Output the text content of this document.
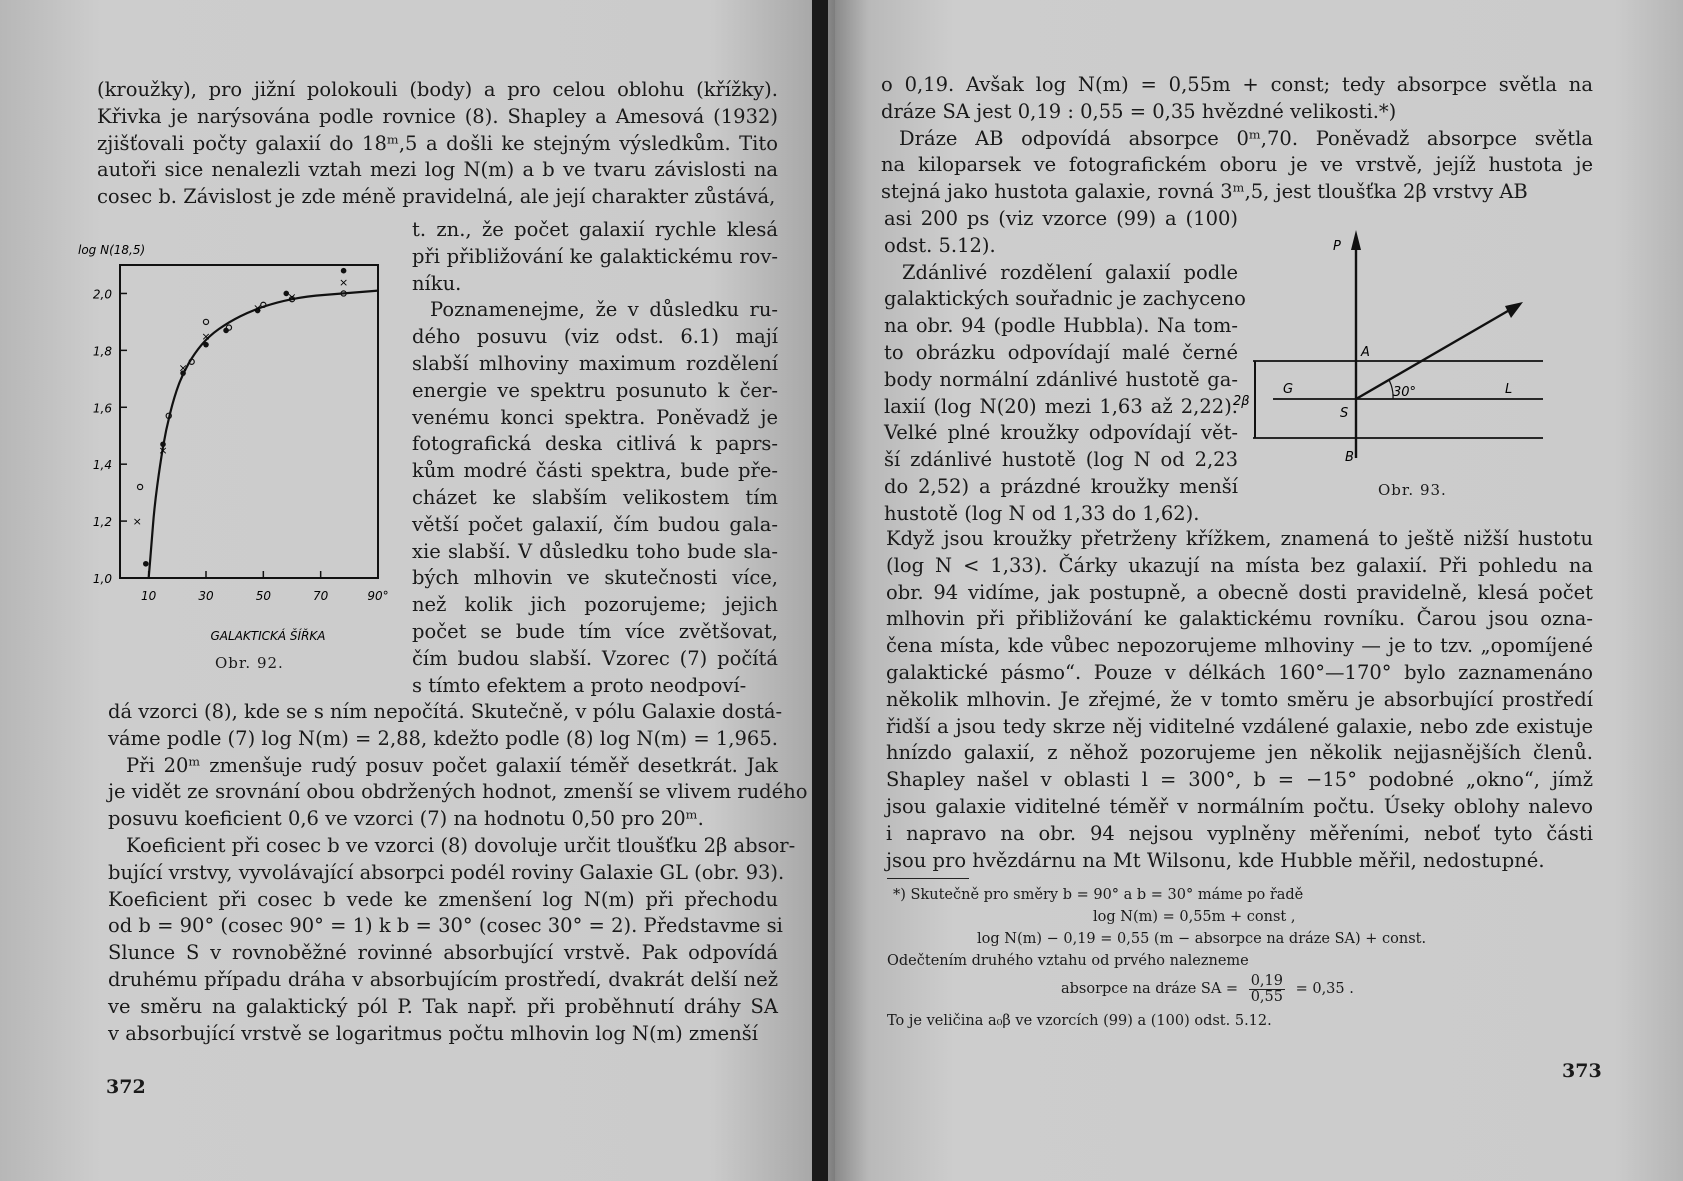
(kroužky), pro jižní polokouli (body) a pro celou oblohu (křížky).
Křivka je narýsována podle rovnice (8). Shapley a Amesová (1932)
zjišťovali počty galaxií do 18ᵐ,5 a došli ke stejným výsledkům. Tito
autoři sice nenalezli vztah mezi log N(m) a b ve tvaru závislosti na
cosec b. Závislost je zde méně pravidelná, ale její charakter zůstává,
t. zn., že počet galaxií rychle klesá
při přibližování ke galaktickému rov-
níku.
Poznamenejme, že v důsledku ru-
dého posuvu (viz odst. 6.1) mají
slabší mlhoviny maximum rozdělení
energie ve spektru posunuto k čer-
venému konci spektra. Poněvadž je
fotografická deska citlivá k paprs-
kům modré části spektra, bude pře-
cházet ke slabším velikostem tím
větší počet galaxií, čím budou gala-
xie slabší. V důsledku toho bude sla-
bých mlhovin ve skutečnosti více,
než kolik jich pozorujeme; jejich
počet se bude tím více zvětšovat,
čím budou slabší. Vzorec (7) počítá
s tímto efektem a proto neodpoví-
dá vzorci (8), kde se s ním nepočítá. Skutečně, v pólu Galaxie dostá-
váme podle (7) log N(m) = 2,88, kdežto podle (8) log N(m) = 1,965.
Při 20ᵐ zmenšuje rudý posuv počet galaxií téměř desetkrát. Jak
je vidět ze srovnání obou obdržených hodnot, zmenší se vlivem rudého
posuvu koeficient 0,6 ve vzorci (7) na hodnotu 0,50 pro 20ᵐ.
Koeficient při cosec b ve vzorci (8) dovoluje určit tloušťku 2β absor-
bující vrstvy, vyvolávající absorpci podél roviny Galaxie GL (obr. 93).
Koeficient při cosec b vede ke zmenšení log N(m) při přechodu
od b = 90° (cosec 90° = 1) k b = 30° (cosec 30° = 2). Představme si
Slunce S v rovnoběžné rovinné absorbující vrstvě. Pak odpovídá
druhému případu dráha v absorbujícím prostředí, dvakrát delší než
ve směru na galaktický pól P. Tak např. při proběhnutí dráhy SA
v absorbující vrstvě se logaritmus počtu mlhovin log N(m) zmenší
log N(18,5)
2,0
1,8
1,6
1,4
1,2
1,0
10	30	50	70	90°
×
×
×
×
×
×
×
GALAKTICKÁ ŠÍŘKA
Obr. 92.
372
o 0,19. Avšak log N(m) = 0,55m + const; tedy absorpce světla na
dráze SA jest 0,19 : 0,55 = 0,35 hvězdné velikosti.*)
Dráze AB odpovídá absorpce 0ᵐ,70. Poněvadž absorpce světla
na kiloparsek ve fotografickém oboru je ve vrstvě, jejíž hustota je
stejná jako hustota galaxie, rovná 3ᵐ,5, jest tloušťka 2β vrstvy AB
asi 200 ps (viz vzorce (99) a (100)
odst. 5.12).
Zdánlivé rozdělení galaxií podle
galaktických souřadnic je zachyceno
na obr. 94 (podle Hubbla). Na tom-
to obrázku odpovídají malé černé
body normální zdánlivé hustotě ga-
laxií (log N(20) mezi 1,63 až 2,22).
Velké plné kroužky odpovídají vět-
ší zdánlivé hustotě (log N od 2,23
do 2,52) a prázdné kroužky menší
hustotě (log N od 1,33 do 1,62).
Když jsou kroužky přetrženy křížkem, znamená to ještě nižší hustotu
(log N < 1,33). Čárky ukazují na místa bez galaxií. Při pohledu na
obr. 94 vidíme, jak postupně, a obecně dosti pravidelně, klesá počet
mlhovin při přibližování ke galaktickému rovníku. Čarou jsou ozna-
čena místa, kde vůbec nepozorujeme mlhoviny — je to tzv. „opomíjené
galaktické pásmo“. Pouze v délkách 160°—170° bylo zaznamenáno
několik mlhovin. Je zřejmé, že v tomto směru je absorbující prostředí
řidší a jsou tedy skrze něj viditelné vzdálené galaxie, nebo zde existuje
hnízdo galaxií, z něhož pozorujeme jen několik nejjasnějších členů.
Shapley našel v oblasti l = 300°, b = −15° podobné „okno“, jímž
jsou galaxie viditelné téměř v normálním počtu. Úseky oblohy nalevo
i napravo na obr. 94 nejsou vyplněny měřeními, neboť tyto části
jsou pro hvězdárnu na Mt Wilsonu, kde Hubble měřil, nedostupné.
P
A
G	30°	L
S
2β
B
Obr. 93.
*) Skutečně pro směry b = 90° a b = 30° máme po řadě
log N(m) = 0,55m + const ,
log N(m) − 0,19 = 0,55 (m − absorpce na dráze SA) + const.
Odečtením druhého vztahu od prvého nalezneme
absorpce na dráze SA = $\frac{0,19}{0,55} = 0,35$ .
To je veličina a₀β ve vzorcích (99) a (100) odst. 5.12.
373
